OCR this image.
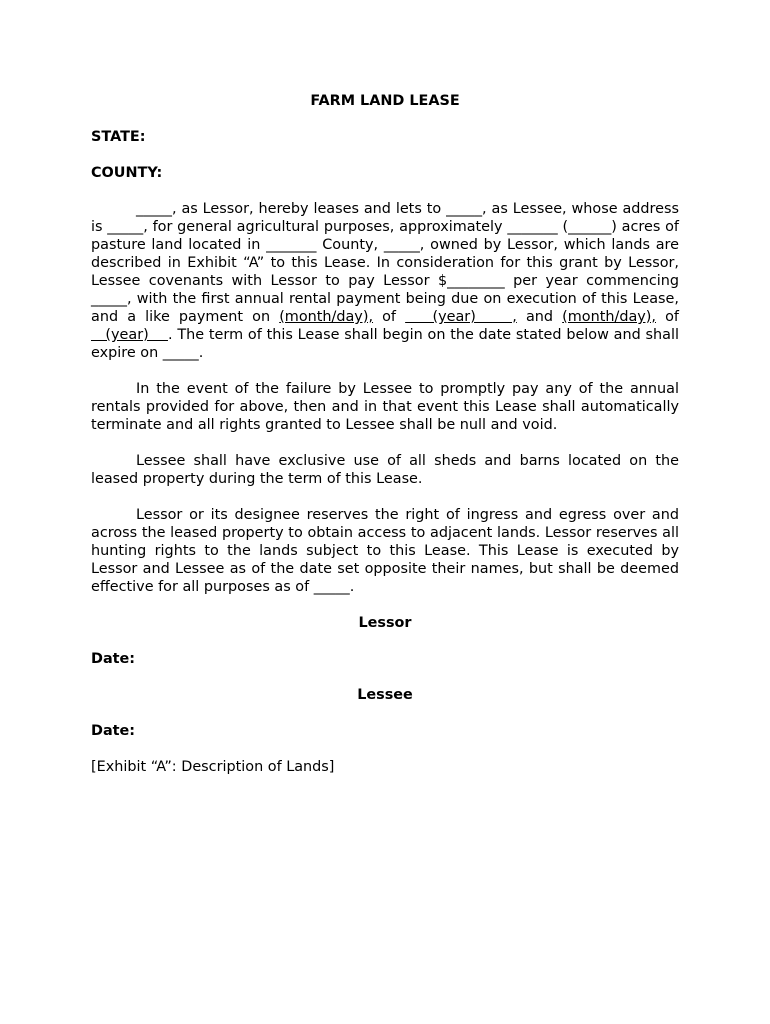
FARM LAND LEASE

STATE:

COUNTY:

_____, as Lessor, hereby leases and lets to _____, as Lessee, whose address is _____, for general agricultural purposes, approximately _______ (______) acres of pasture land located in _______ County, _____, owned by Lessor, which lands are described in Exhibit “A” to this Lease. In consideration for this grant by Lessor, Lessee covenants with Lessor to pay Lessor $________ per year commencing _____, with the first annual rental payment being due on execution of this Lease, and a like payment on (month/day), of    (year)    , and (month/day), of    (year)    . The term of this Lease shall begin on the date stated below and shall expire on _____.

In the event of the failure by Lessee to promptly pay any of the annual rentals provided for above, then and in that event this Lease shall automatically terminate and all rights granted to Lessee shall be null and void.

Lessee shall have exclusive use of all sheds and barns located on the leased property during the term of this Lease.

Lessor or its designee reserves the right of ingress and egress over and across the leased property to obtain access to adjacent lands. Lessor reserves all hunting rights to the lands subject to this Lease. This Lease is executed by Lessor and Lessee as of the date set opposite their names, but shall be deemed effective for all purposes as of _____.

Lessor

Date:

Lessee

Date:

[Exhibit “A”: Description of Lands]
